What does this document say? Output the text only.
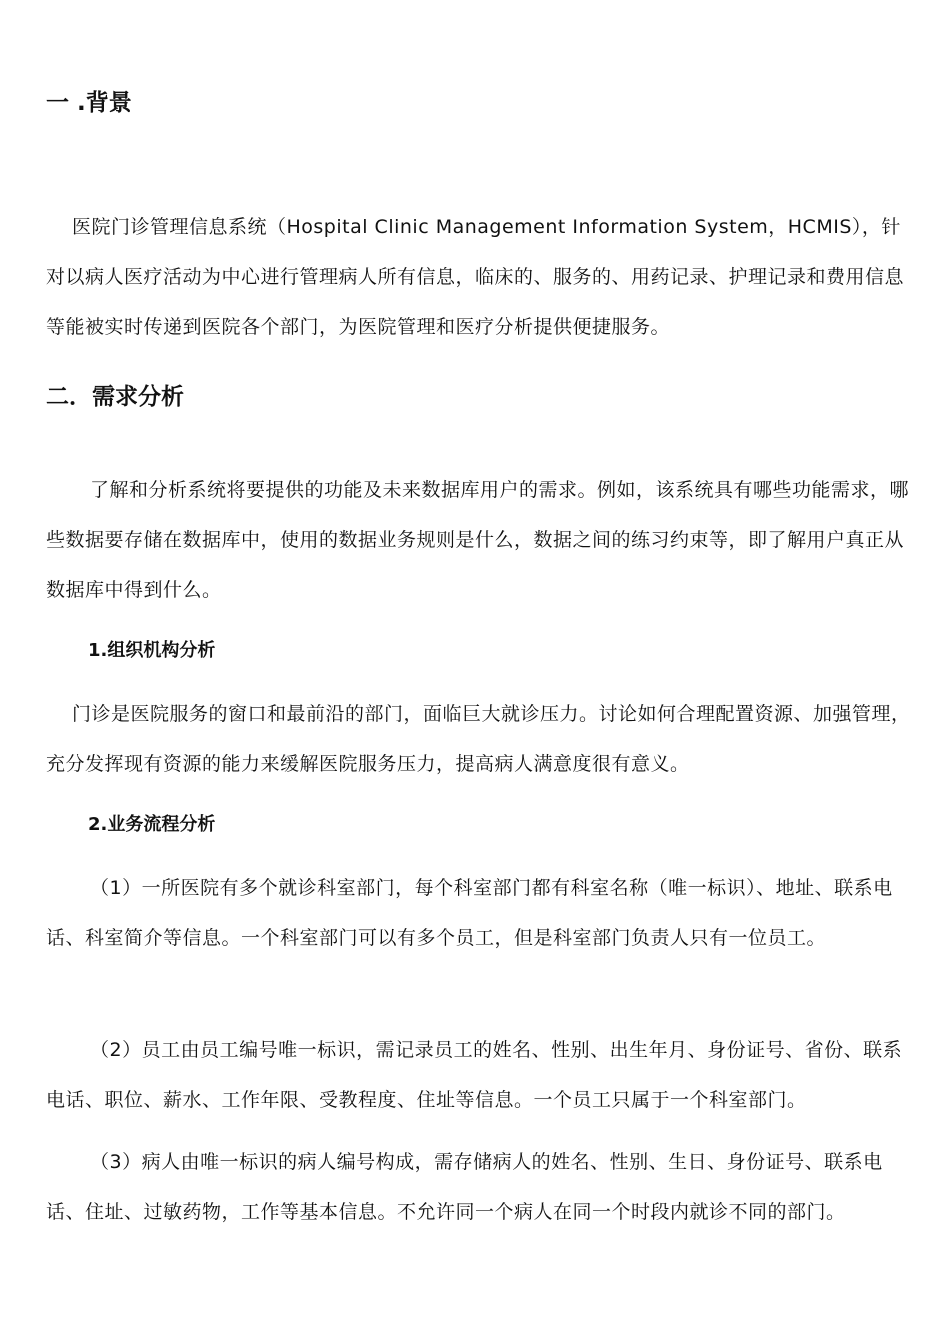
一 .背景

医院门诊管理信息系统（Hospital Clinic Management Information System，HCMIS），针对以病人医疗活动为中心进行管理病人所有信息，临床的、服务的、用药记录、护理记录和费用信息等能被实时传递到医院各个部门，为医院管理和医疗分析提供便捷服务。

二．需求分析

了解和分析系统将要提供的功能及未来数据库用户的需求。例如，该系统具有哪些功能需求，哪些数据要存储在数据库中，使用的数据业务规则是什么，数据之间的练习约束等，即了解用户真正从数据库中得到什么。

1.组织机构分析

门诊是医院服务的窗口和最前沿的部门，面临巨大就诊压力。讨论如何合理配置资源、加强管理，充分发挥现有资源的能力来缓解医院服务压力，提高病人满意度很有意义。

2.业务流程分析

（1）一所医院有多个就诊科室部门，每个科室部门都有科室名称（唯一标识）、地址、联系电话、科室简介等信息。一个科室部门可以有多个员工，但是科室部门负责人只有一位员工。

（2）员工由员工编号唯一标识，需记录员工的姓名、性别、出生年月、身份证号、省份、联系电话、职位、薪水、工作年限、受教程度、住址等信息。一个员工只属于一个科室部门。

（3）病人由唯一标识的病人编号构成，需存储病人的姓名、性别、生日、身份证号、联系电话、住址、过敏药物，工作等基本信息。不允许同一个病人在同一个时段内就诊不同的部门。
